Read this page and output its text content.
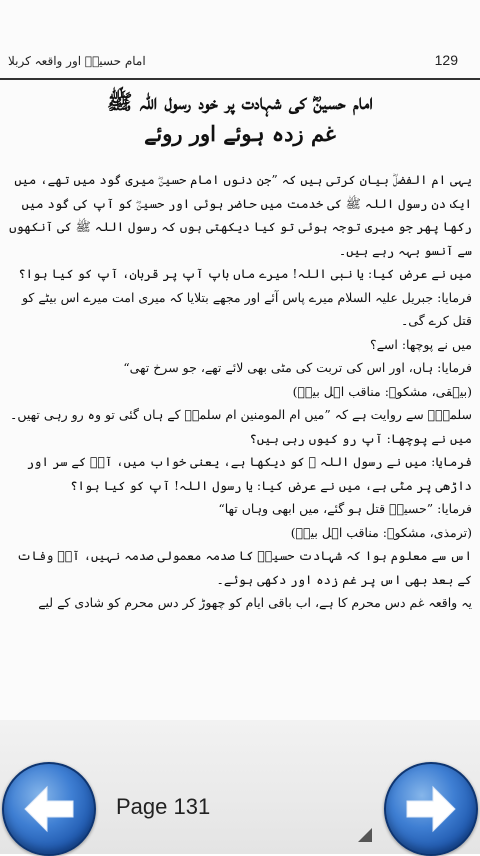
امام حسینؓ اور واقعہ کربلا	129
امام حسینؓ کی شہادت پر خود رسول اللہ ﷺ
غم زدہ ہوئے اور روئے

یہی ام الفضلؓ بیان کرتی ہیں کہ ”جن دنوں امام حسینؓ میری گود میں تھے، میں ایک دن رسول اللہ ﷺ کی خدمت میں حاضر ہوئی اور حسینؓ کو آپ کی گود میں رکھا پھر جو میری توجہ ہوئی تو کیا دیکھتی ہوں کہ رسول اللہ ﷺ کی آنکھوں سے آنسو بہہ رہے ہیں۔

میں نے عرض کیا: یا نبی اللہ! میرے ماں باپ آپ پر قربان، آپ کو کیا ہوا؟

فرمایا: جبریل علیہ السلام میرے پاس آئے اور مجھے بتلایا کہ میری امت میرے اس بیٹے کو قتل کرے گی۔

میں نے پوچھا: اسے؟

فرمایا: ہاں، اور اس کی تربت کی مٹی بھی لائے تھے، جو سرخ تھی“

(بیہقی، مشکوۃ: مناقب اہل بیتؓ)

سلمیٰؓ سے روایت ہے کہ ”میں ام المومنین ام سلمہؓ کے ہاں گئی تو وہ رو رہی تھیں۔

میں نے پوچھا: آپ رو کیوں رہی ہیں؟

فرمایا: میں نے رسول اللہ ﷺ کو دیکھا ہے، یعنی خواب میں، آپؐ کے سر اور داڑھی پر مٹی ہے، میں نے عرض کیا: یا رسول اللہ! آپ کو کیا ہوا؟

فرمایا: ”حسینؓ قتل ہو گئے، میں ابھی وہاں تھا“

(ترمذی، مشکوۃ: مناقب اہل بیتؓ)

اس سے معلوم ہوا کہ شہادت حسینؓ کا صدمہ معمولی صدمہ نہیں، آپؐ وفات کے بعد بھی اس پر غم زدہ اور دکھی ہوئے۔

یہ واقعہ غم دس محرم کا ہے، اب باقی ایام کو چھوڑ کر دس محرم کو شادی کے لیے

Page 131
